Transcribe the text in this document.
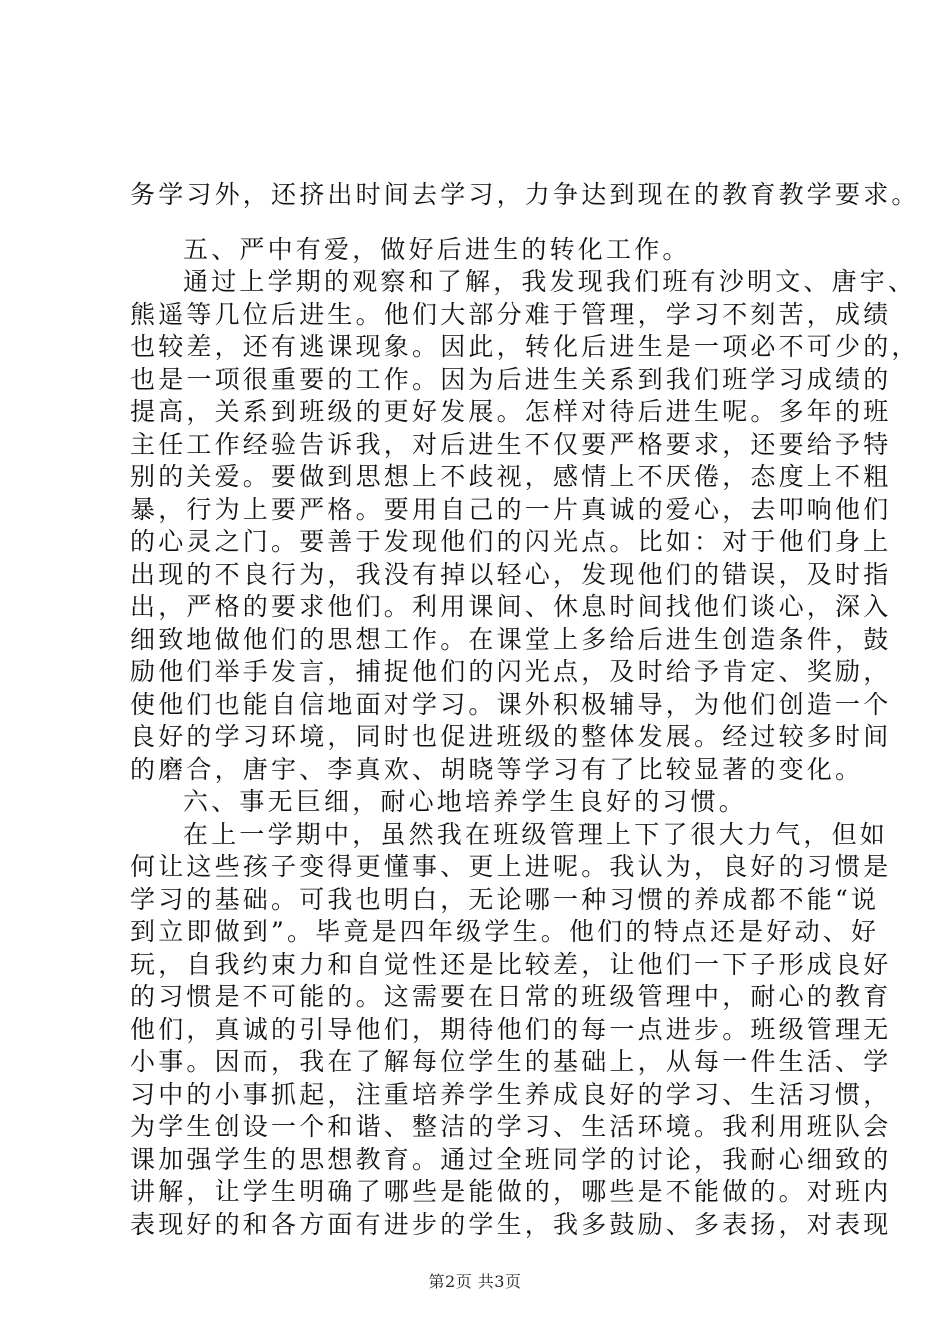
务学习外，还挤出时间去学习，力争达到现在的教育教学要求。
五、严中有爱，做好后进生的转化工作。
通过上学期的观察和了解，我发现我们班有沙明文、唐宇、
熊遥等几位后进生。他们大部分难于管理，学习不刻苦，成绩
也较差，还有逃课现象。因此，转化后进生是一项必不可少的，
也是一项很重要的工作。因为后进生关系到我们班学习成绩的
提高，关系到班级的更好发展。怎样对待后进生呢。多年的班
主任工作经验告诉我，对后进生不仅要严格要求，还要给予特
别的关爱。要做到思想上不歧视，感情上不厌倦，态度上不粗
暴，行为上要严格。要用自己的一片真诚的爱心，去叩响他们
的心灵之门。要善于发现他们的闪光点。比如：对于他们身上
出现的不良行为，我没有掉以轻心，发现他们的错误，及时指
出，严格的要求他们。利用课间、休息时间找他们谈心，深入
细致地做他们的思想工作。在课堂上多给后进生创造条件，鼓
励他们举手发言，捕捉他们的闪光点，及时给予肯定、奖励，
使他们也能自信地面对学习。课外积极辅导，为他们创造一个
良好的学习环境，同时也促进班级的整体发展。经过较多时间
的磨合，唐宇、李真欢、胡晓等学习有了比较显著的变化。
六、事无巨细，耐心地培养学生良好的习惯。
在上一学期中，虽然我在班级管理上下了很大力气，但如
何让这些孩子变得更懂事、更上进呢。我认为，良好的习惯是
学习的基础。可我也明白，无论哪一种习惯的养成都不能“说
到立即做到”。毕竟是四年级学生。他们的特点还是好动、好
玩，自我约束力和自觉性还是比较差，让他们一下子形成良好
的习惯是不可能的。这需要在日常的班级管理中，耐心的教育
他们，真诚的引导他们，期待他们的每一点进步。班级管理无
小事。因而，我在了解每位学生的基础上，从每一件生活、学
习中的小事抓起，注重培养学生养成良好的学习、生活习惯，
为学生创设一个和谐、整洁的学习、生活环境。我利用班队会
课加强学生的思想教育。通过全班同学的讨论，我耐心细致的
讲解，让学生明确了哪些是能做的，哪些是不能做的。对班内
表现好的和各方面有进步的学生，我多鼓励、多表扬，对表现
第2页 共3页
